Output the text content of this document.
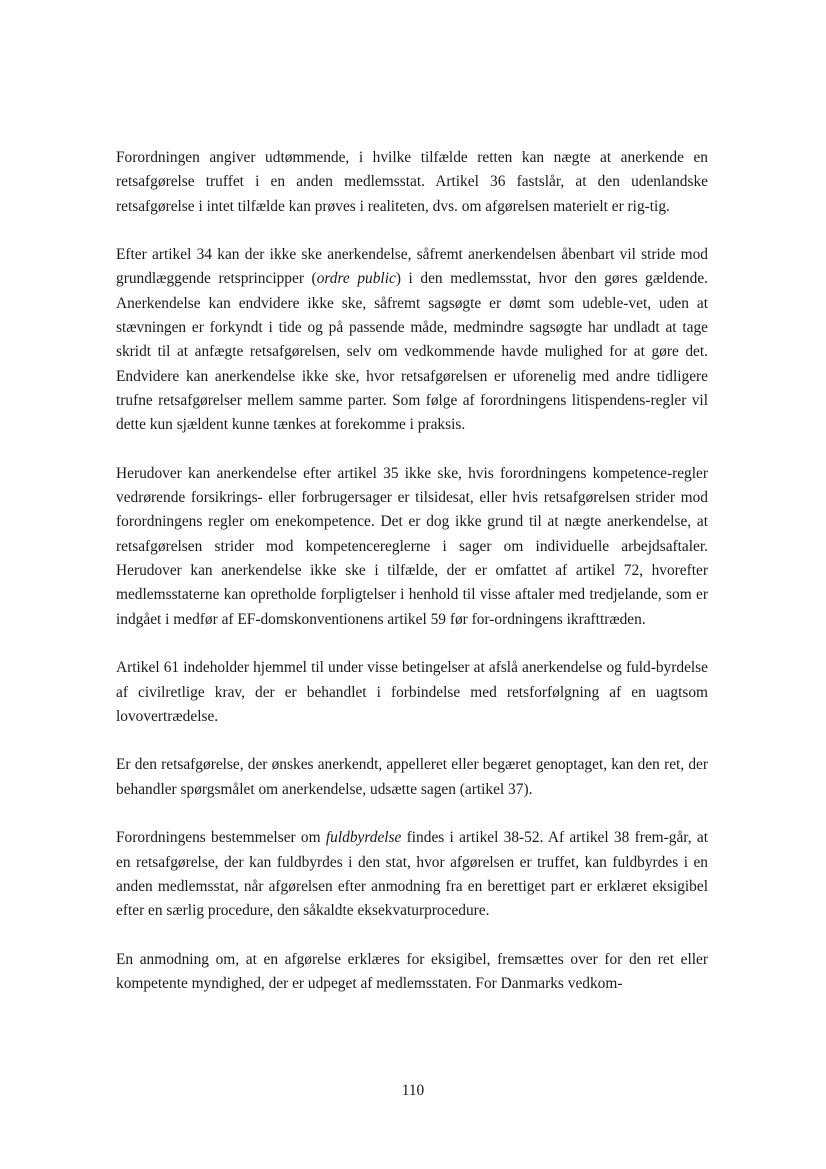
Forordningen angiver udtømmende, i hvilke tilfælde retten kan nægte at anerkende en retsafgørelse truffet i en anden medlemsstat. Artikel 36 fastslår, at den udenlandske retsafgørelse i intet tilfælde kan prøves i realiteten, dvs. om afgørelsen materielt er rig-tig.

Efter artikel 34 kan der ikke ske anerkendelse, såfremt anerkendelsen åbenbart vil stride mod grundlæggende retsprincipper (ordre public) i den medlemsstat, hvor den gøres gældende. Anerkendelse kan endvidere ikke ske, såfremt sagsøgte er dømt som udeble-vet, uden at stævningen er forkyndt i tide og på passende måde, medmindre sagsøgte har undladt at tage skridt til at anfægte retsafgørelsen, selv om vedkommende havde mulighed for at gøre det. Endvidere kan anerkendelse ikke ske, hvor retsafgørelsen er uforenelig med andre tidligere trufne retsafgørelser mellem samme parter. Som følge af forordningens litispendens-regler vil dette kun sjældent kunne tænkes at forekomme i praksis.

Herudover kan anerkendelse efter artikel 35 ikke ske, hvis forordningens kompetence-regler vedrørende forsikrings- eller forbrugersager er tilsidesat, eller hvis retsafgørelsen strider mod forordningens regler om enekompetence. Det er dog ikke grund til at nægte anerkendelse, at retsafgørelsen strider mod kompetencereglerne i sager om individuelle arbejdsaftaler. Herudover kan anerkendelse ikke ske i tilfælde, der er omfattet af artikel 72, hvorefter medlemsstaterne kan opretholde forpligtelser i henhold til visse aftaler med tredjelande, som er indgået i medfør af EF-domskonventionens artikel 59 før for-ordningens ikrafttræden.

Artikel 61 indeholder hjemmel til under visse betingelser at afslå anerkendelse og fuld-byrdelse af civilretlige krav, der er behandlet i forbindelse med retsforfølgning af en uagtsom lovovertrædelse.

Er den retsafgørelse, der ønskes anerkendt, appelleret eller begæret genoptaget, kan den ret, der behandler spørgsmålet om anerkendelse, udsætte sagen (artikel 37).

Forordningens bestemmelser om fuldbyrdelse findes i artikel 38-52. Af artikel 38 frem-går, at en retsafgørelse, der kan fuldbyrdes i den stat, hvor afgørelsen er truffet, kan fuldbyrdes i en anden medlemsstat, når afgørelsen efter anmodning fra en berettiget part er erklæret eksigibel efter en særlig procedure, den såkaldte eksekvaturprocedure.

En anmodning om, at en afgørelse erklæres for eksigibel, fremsættes over for den ret eller kompetente myndighed, der er udpeget af medlemsstaten. For Danmarks vedkom-

110
